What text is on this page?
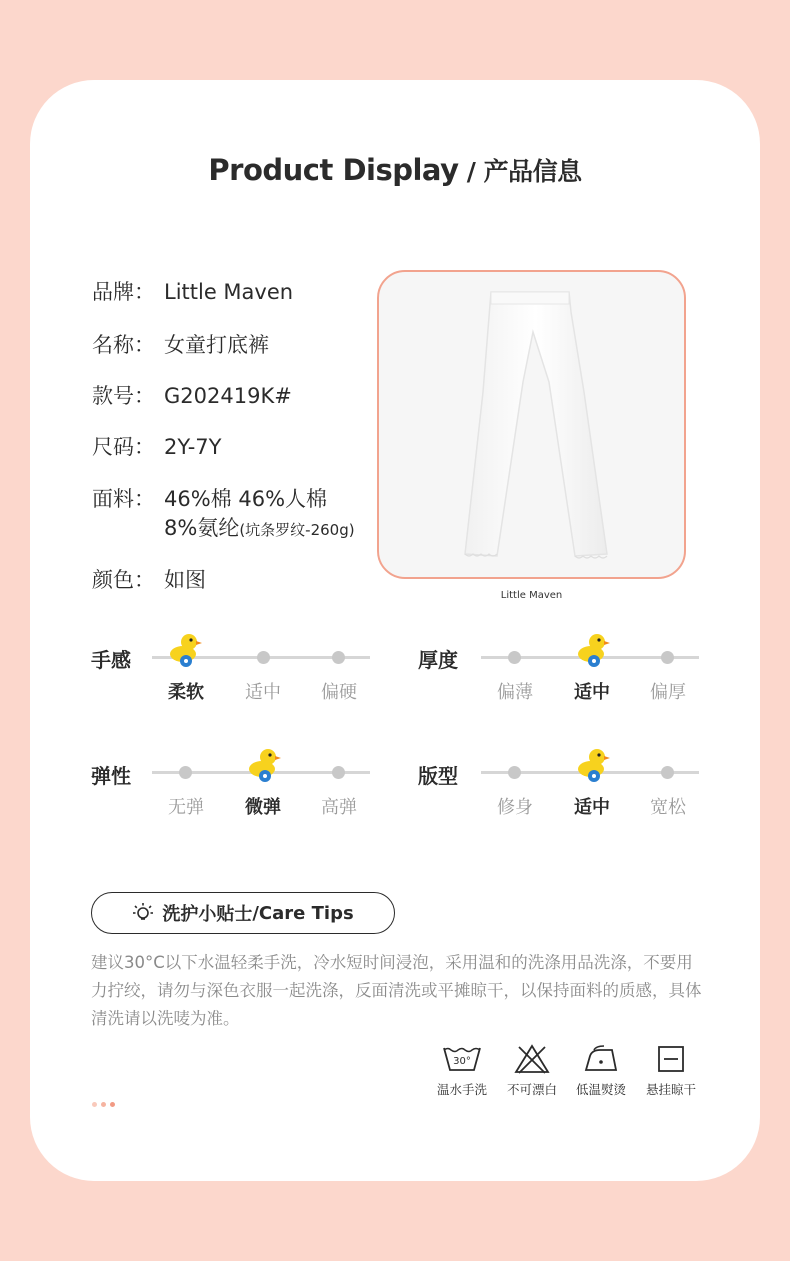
Product Display / 产品信息
品牌： Little Maven
名称： 女童打底裤
款号： G202419K#
尺码： 2Y-7Y
面料： 46%棉 46%人棉
8%氨纶(坑条罗纹-260g)
颜色： 如图
Little Maven
手感
柔软	适中	偏硬
厚度
偏薄	适中	偏厚
弹性
无弹	微弹	高弹
版型
修身	适中	宽松
洗护小贴士 / Care Tips
建议30°C以下水温轻柔手洗，冷水短时间浸泡，采用温和的洗涤用品洗涤，不要用力拧绞，请勿与深色衣服一起洗涤，反面清洗或平摊晾干，以保持面料的质感，具体清洗请以洗唛为准。
30°
温水手洗	不可漂白	低温熨烫	悬挂晾干
